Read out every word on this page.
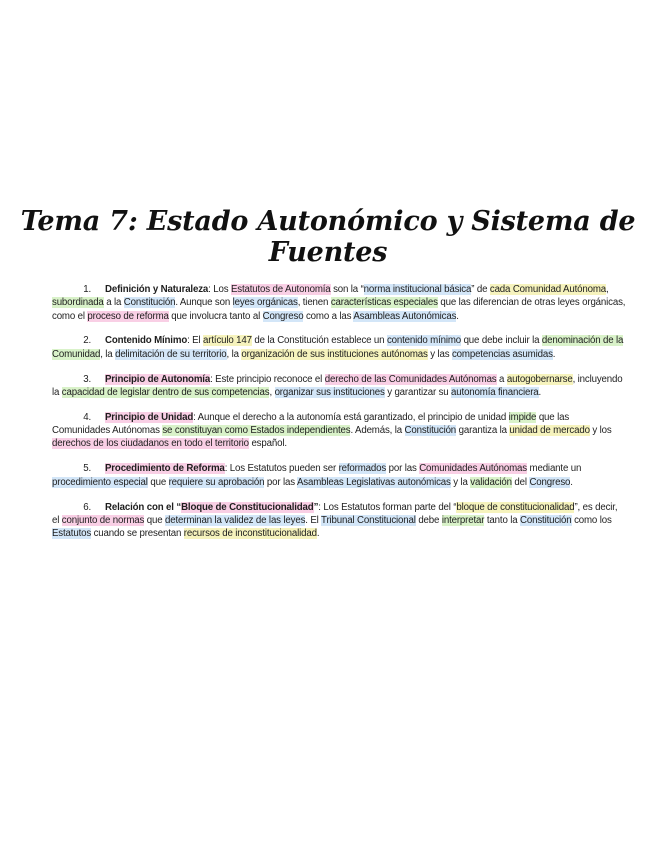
Tema 7: Estado Autonómico y Sistema de Fuentes
1. Definición y Naturaleza: Los Estatutos de Autonomía son la “norma institucional básica” de cada Comunidad Autónoma, subordinada a la Constitución. Aunque son leyes orgánicas, tienen características especiales que las diferencian de otras leyes orgánicas, como el proceso de reforma que involucra tanto al Congreso como a las Asambleas Autonómicas.
2. Contenido Mínimo: El artículo 147 de la Constitución establece un contenido mínimo que debe incluir la denominación de la Comunidad, la delimitación de su territorio, la organización de sus instituciones autónomas y las competencias asumidas.
3. Principio de Autonomía: Este principio reconoce el derecho de las Comunidades Autónomas a autogobernarse, incluyendo la capacidad de legislar dentro de sus competencias, organizar sus instituciones y garantizar su autonomía financiera.
4. Principio de Unidad: Aunque el derecho a la autonomía está garantizado, el principio de unidad impide que las Comunidades Autónomas se constituyan como Estados independientes. Además, la Constitución garantiza la unidad de mercado y los derechos de los ciudadanos en todo el territorio español.
5. Procedimiento de Reforma: Los Estatutos pueden ser reformados por las Comunidades Autónomas mediante un procedimiento especial que requiere su aprobación por las Asambleas Legislativas autonómicas y la validación del Congreso.
6. Relación con el “Bloque de Constitucionalidad”: Los Estatutos forman parte del “bloque de constitucionalidad”, es decir, el conjunto de normas que determinan la validez de las leyes. El Tribunal Constitucional debe interpretar tanto la Constitución como los Estatutos cuando se presentan recursos de inconstitucionalidad.
